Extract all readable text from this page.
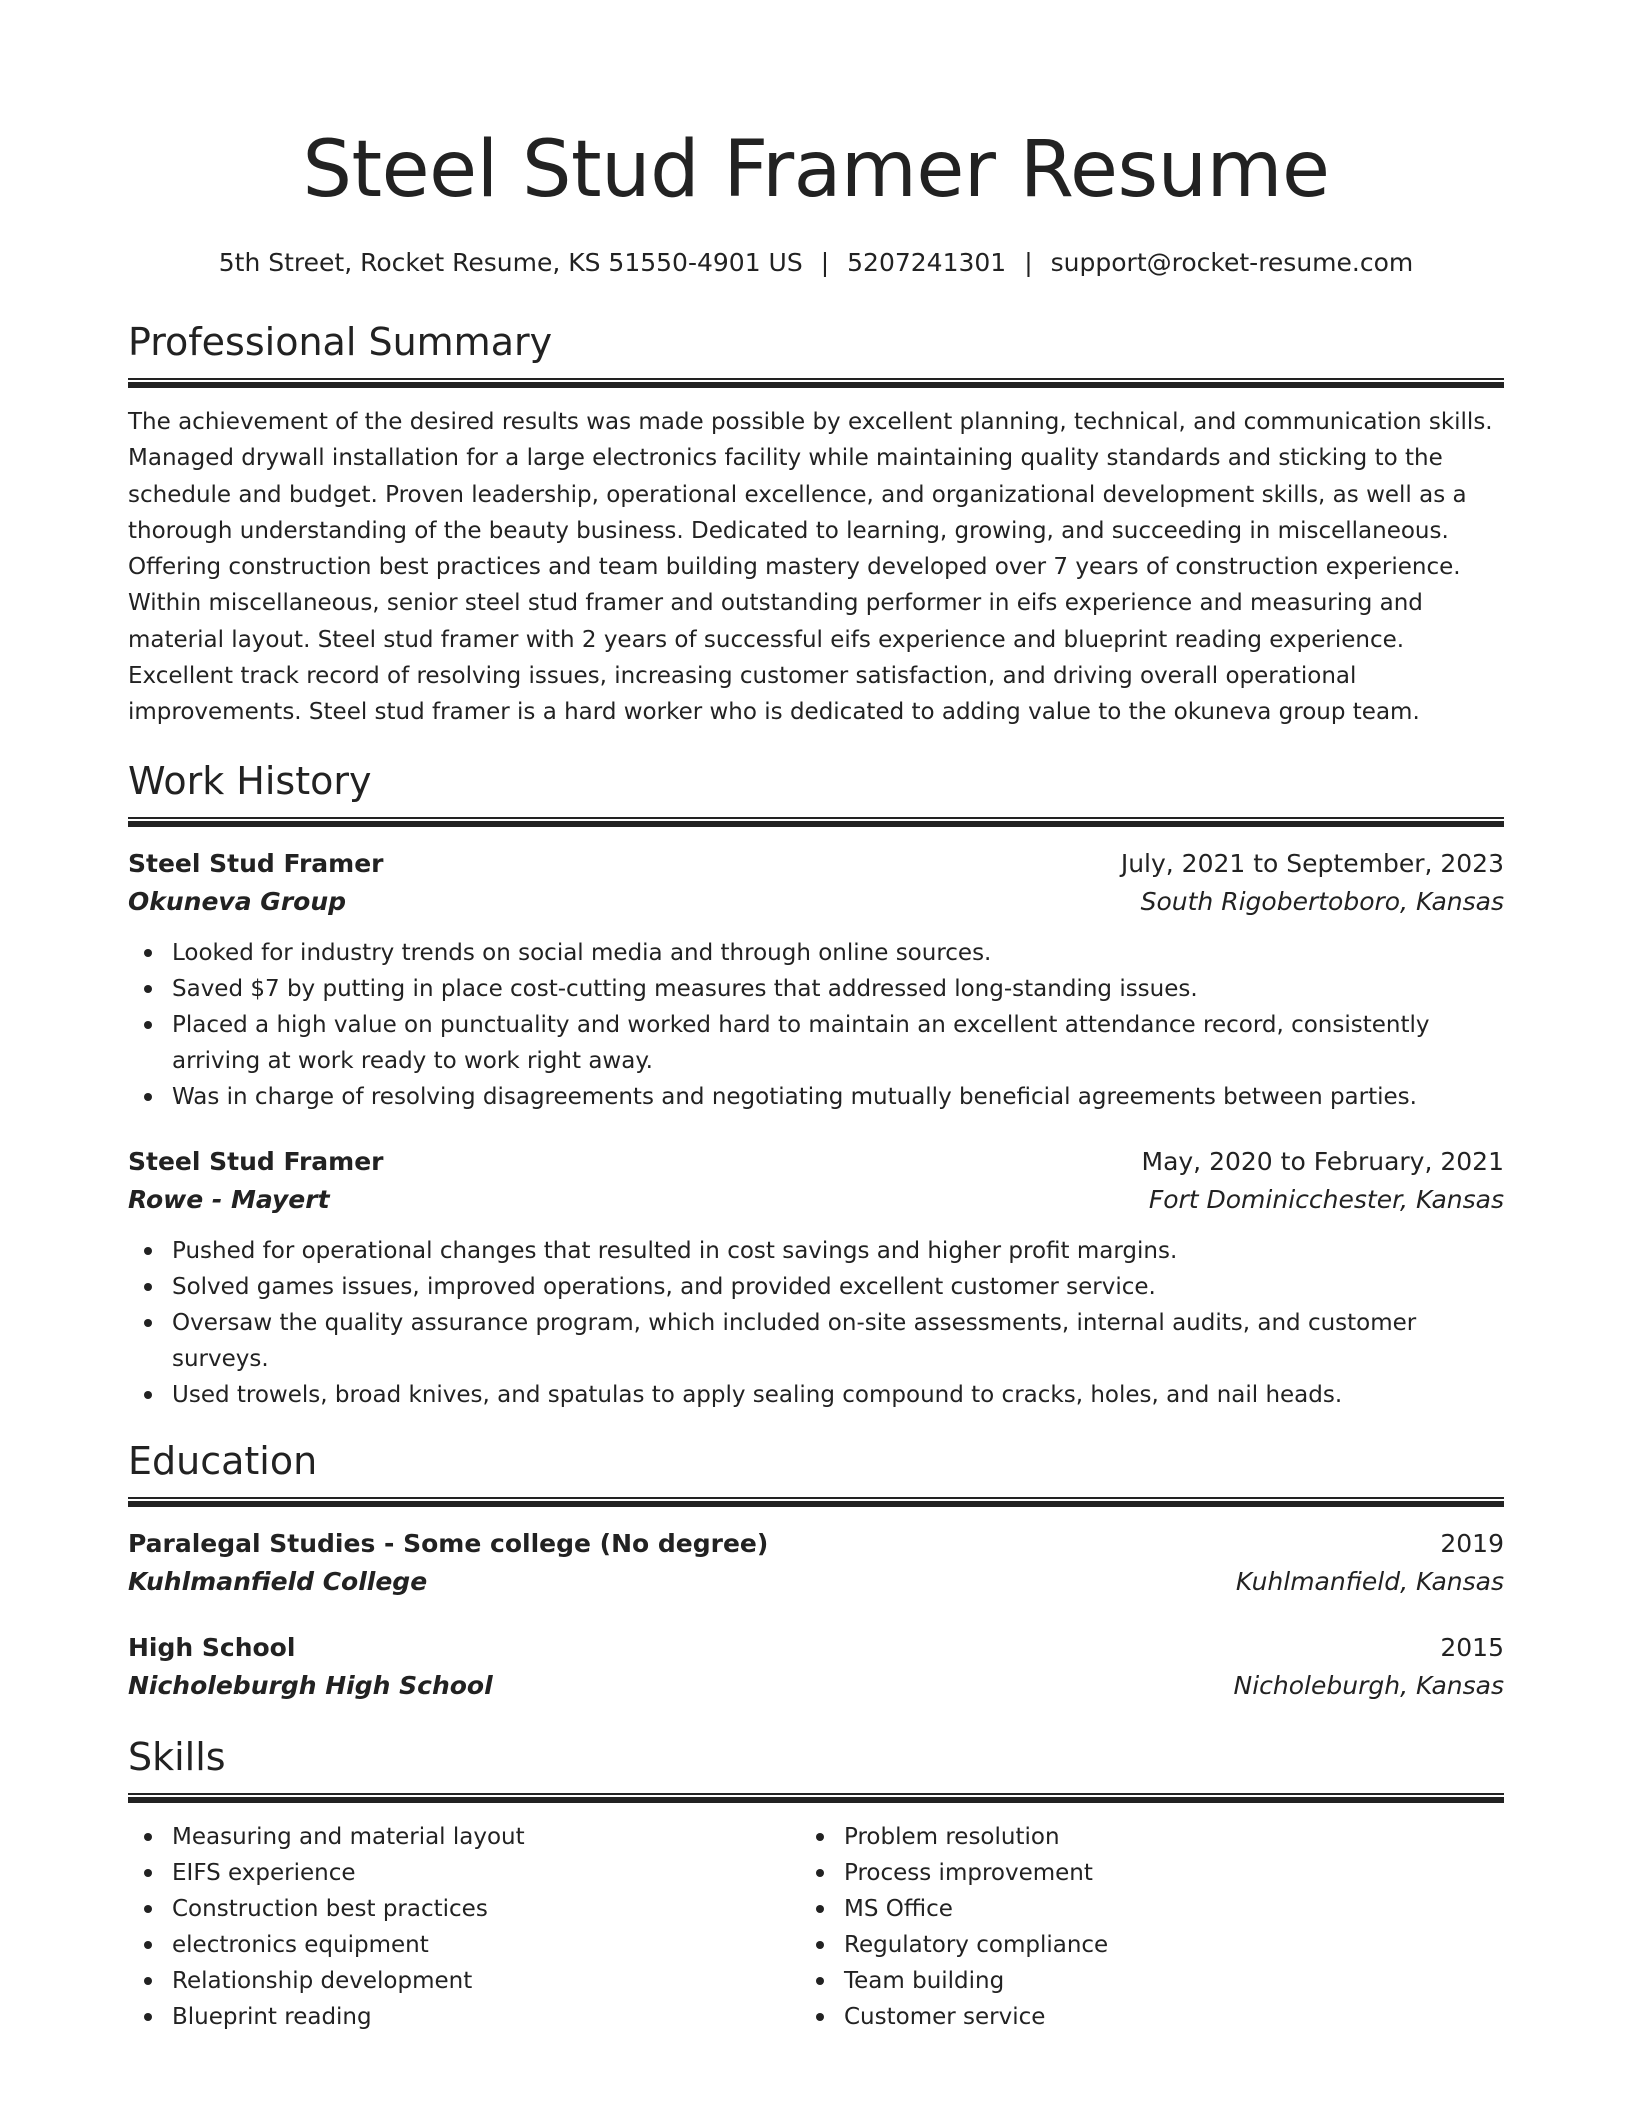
Steel Stud Framer Resume
5th Street, Rocket Resume, KS 51550-4901 US | 5207241301 | support@rocket-resume.com
Professional Summary

The achievement of the desired results was made possible by excellent planning, technical, and communication skills. Managed drywall installation for a large electronics facility while maintaining quality standards and sticking to the schedule and budget. Proven leadership, operational excellence, and organizational development skills, as well as a thorough understanding of the beauty business. Dedicated to learning, growing, and succeeding in miscellaneous. Offering construction best practices and team building mastery developed over 7 years of construction experience. Within miscellaneous, senior steel stud framer and outstanding performer in eifs experience and measuring and material layout. Steel stud framer with 2 years of successful eifs experience and blueprint reading experience. Excellent track record of resolving issues, increasing customer satisfaction, and driving overall operational improvements. Steel stud framer is a hard worker who is dedicated to adding value to the okuneva group team.

Work History
Steel Stud Framer	July, 2021 to September, 2023
Okuneva Group	South Rigobertoboro, Kansas
Looked for industry trends on social media and through online sources.
Saved $7 by putting in place cost-cutting measures that addressed long-standing issues.
Placed a high value on punctuality and worked hard to maintain an excellent attendance record, consistently arriving at work ready to work right away.
Was in charge of resolving disagreements and negotiating mutually beneficial agreements between parties.
Steel Stud Framer	May, 2020 to February, 2021
Rowe - Mayert	Fort Dominicchester, Kansas
Pushed for operational changes that resulted in cost savings and higher profit margins.
Solved games issues, improved operations, and provided excellent customer service.
Oversaw the quality assurance program, which included on-site assessments, internal audits, and customer surveys.
Used trowels, broad knives, and spatulas to apply sealing compound to cracks, holes, and nail heads.
Education
Paralegal Studies - Some college (No degree)	2019
Kuhlmanfield College	Kuhlmanfield, Kansas
High School	2015
Nicholeburgh High School	Nicholeburgh, Kansas
Skills
Measuring and material layout
EIFS experience
Construction best practices
electronics equipment
Relationship development
Blueprint reading
Problem resolution
Process improvement
MS Office
Regulatory compliance
Team building
Customer service
